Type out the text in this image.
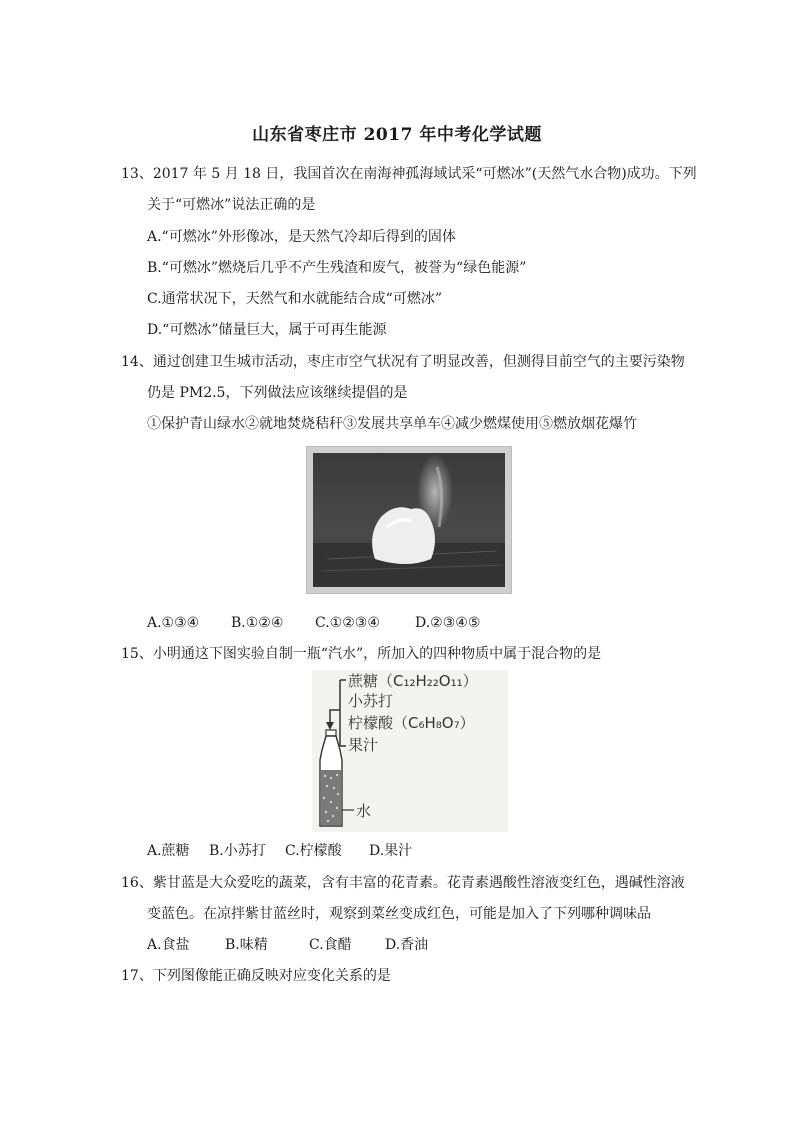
山东省枣庄市 2017 年中考化学试题
13、2017 年 5 月 18 日，我国首次在南海神孤海域试采“可燃冰”(天然气水合物)成功。下列
关于“可燃冰”说法正确的是
A.“可燃冰”外形像冰，是天然气冷却后得到的固体
B.“可燃冰”燃烧后几乎不产生残渣和废气，被誉为“绿色能源”
C.通常状况下，天然气和水就能结合成“可燃冰”
D.“可燃冰”储量巨大，属于可再生能源
14、通过创建卫生城市活动，枣庄市空气状况有了明显改善，但测得目前空气的主要污染物
仍是 PM2.5，下列做法应该继续提倡的是
①保护青山绿水②就地焚烧秸秆③发展共享单车④减少燃煤使用⑤燃放烟花爆竹
A.①③④ B.①②④ C.①②③④	D.②③④⑤
15、小明通这下图实验自制一瓶“汽水”，所加入的四种物质中属于混合物的是
蔗糖（C₁₂H₂₂O₁₁）
小苏打
柠檬酸（C₆H₈O₇）
果汁
水
A.蔗糖 B.小苏打 C.柠檬酸 D.果汁
16、紫甘蓝是大众爱吃的蔬菜，含有丰富的花青素。花青素遇酸性溶液变红色，遇碱性溶液
变蓝色。在凉拌紫甘蓝丝时，观察到菜丝变成红色，可能是加入了下列哪种调味品
A.食盐	B.味精	C.食醋 D.香油
17、下列图像能正确反映对应变化关系的是
